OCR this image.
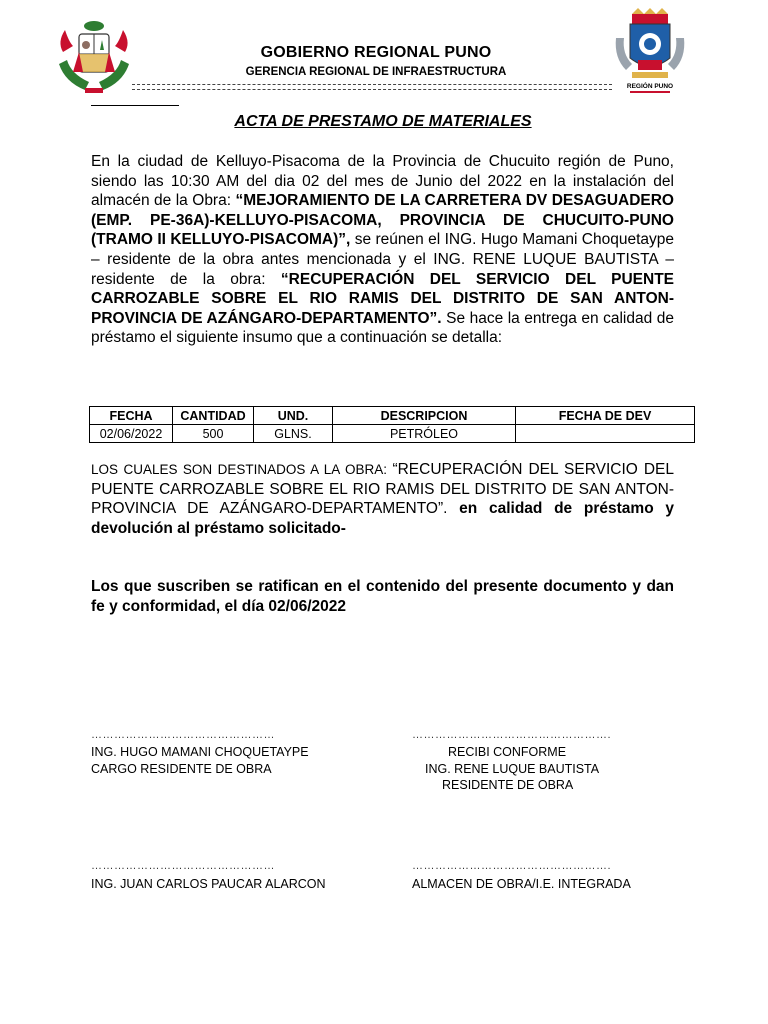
REGIÓN PUNO
GOBIERNO REGIONAL PUNO
GERENCIA REGIONAL DE INFRAESTRUCTURA
ACTA DE PRESTAMO DE MATERIALES
En la ciudad de Kelluyo-Pisacoma de la Provincia de Chucuito región de Puno, siendo las 10:30 AM del dia 02 del mes de Junio del 2022 en la instalación del almacén de la Obra: “MEJORAMIENTO DE LA CARRETERA DV DESAGUADERO (EMP. PE-36A)-KELLUYO-PISACOMA, PROVINCIA DE CHUCUITO-PUNO (TRAMO II KELLUYO-PISACOMA)”, se reúnen el ING. Hugo Mamani Choquetaype – residente de la obra antes mencionada y el ING. RENE LUQUE BAUTISTA – residente de la obra: “RECUPERACIÓN DEL SERVICIO DEL PUENTE CARROZABLE SOBRE EL RIO RAMIS DEL DISTRITO DE SAN ANTON- PROVINCIA DE AZÁNGARO-DEPARTAMENTO”. Se hace la entrega en calidad de préstamo el siguiente insumo que a continuación se detalla:
FECHA	CANTIDAD	UND.	DESCRIPCION	FECHA DE DEV
02/06/2022	500	GLNS.	PETRÓLEO	
LOS CUALES SON DESTINADOS A LA OBRA: “RECUPERACIÓN DEL SERVICIO DEL PUENTE CARROZABLE SOBRE EL RIO RAMIS DEL DISTRITO DE SAN ANTON- PROVINCIA DE AZÁNGARO-DEPARTAMENTO”. en calidad de préstamo y devolución al préstamo solicitado-
Los que suscriben se ratifican en el contenido del presente documento y dan fe y conformidad, el día 02/06/2022
…………………………………………
ING. HUGO MAMANI CHOQUETAYPE
CARGO RESIDENTE DE OBRA
…………………………………………….
RECIBI CONFORME
ING. RENE LUQUE BAUTISTA
RESIDENTE DE OBRA
…………………………………………
ING. JUAN CARLOS PAUCAR ALARCON
…………………………………………….
ALMACEN DE OBRA/I.E. INTEGRADA
